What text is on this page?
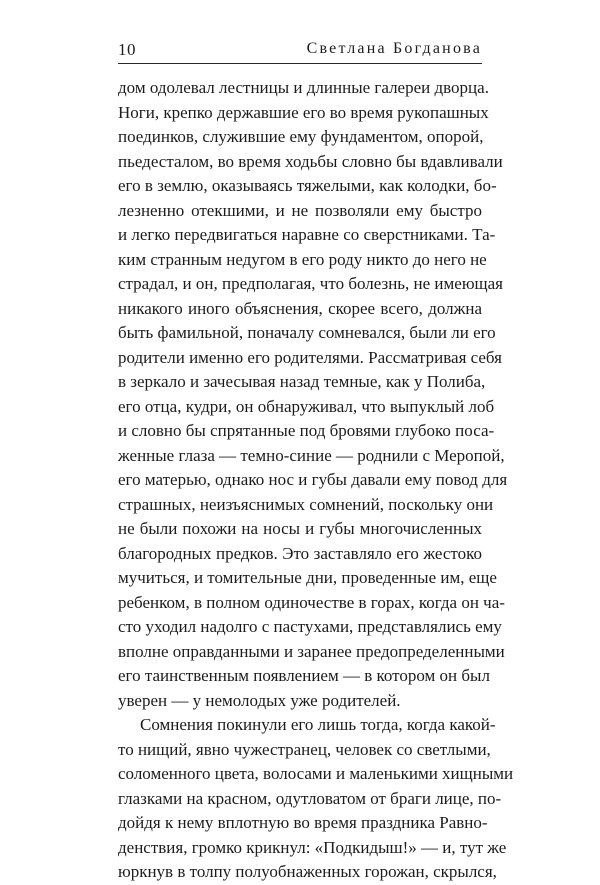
10	Светлана Богданова
дом одолевал лестницы и длинные галереи дворца.
Ноги, крепко державшие его во время рукопашных
поединков, служившие ему фундаментом, опорой,
пьедесталом, во время ходьбы словно бы вдавливали
его в землю, оказываясь тяжелыми, как колодки, бо-
лезненно отекшими, и не позволяли ему быстро
и легко передвигаться наравне со сверстниками. Та-
ким странным недугом в его роду никто до него не
страдал, и он, предполагая, что болезнь, не имеющая
никакого иного объяснения, скорее всего, должна
быть фамильной, поначалу сомневался, были ли его
родители именно его родителями. Рассматривая себя
в зеркало и зачесывая назад темные, как у Полиба,
его отца, кудри, он обнаруживал, что выпуклый лоб
и словно бы спрятанные под бровями глубоко поса-
женные глаза — темно-синие — роднили с Меропой,
его матерью, однако нос и губы давали ему повод для
страшных, неизъяснимых сомнений, поскольку они
не были похожи на носы и губы многочисленных
благородных предков. Это заставляло его жестоко
мучиться, и томительные дни, проведенные им, еще
ребенком, в полном одиночестве в горах, когда он ча-
сто уходил надолго с пастухами, представлялись ему
вполне оправданными и заранее предопределенными
его таинственным появлением — в котором он был
уверен — у немолодых уже родителей.
Сомнения покинули его лишь тогда, когда какой-
то нищий, явно чужестранец, человек со светлыми,
соломенного цвета, волосами и маленькими хищными
глазками на красном, одутловатом от браги лице, по-
дойдя к нему вплотную во время праздника Равно-
денствия, громко крикнул: «Подкидыш!» — и, тут же
юркнув в толпу полуобнаженных горожан, скрылся,
